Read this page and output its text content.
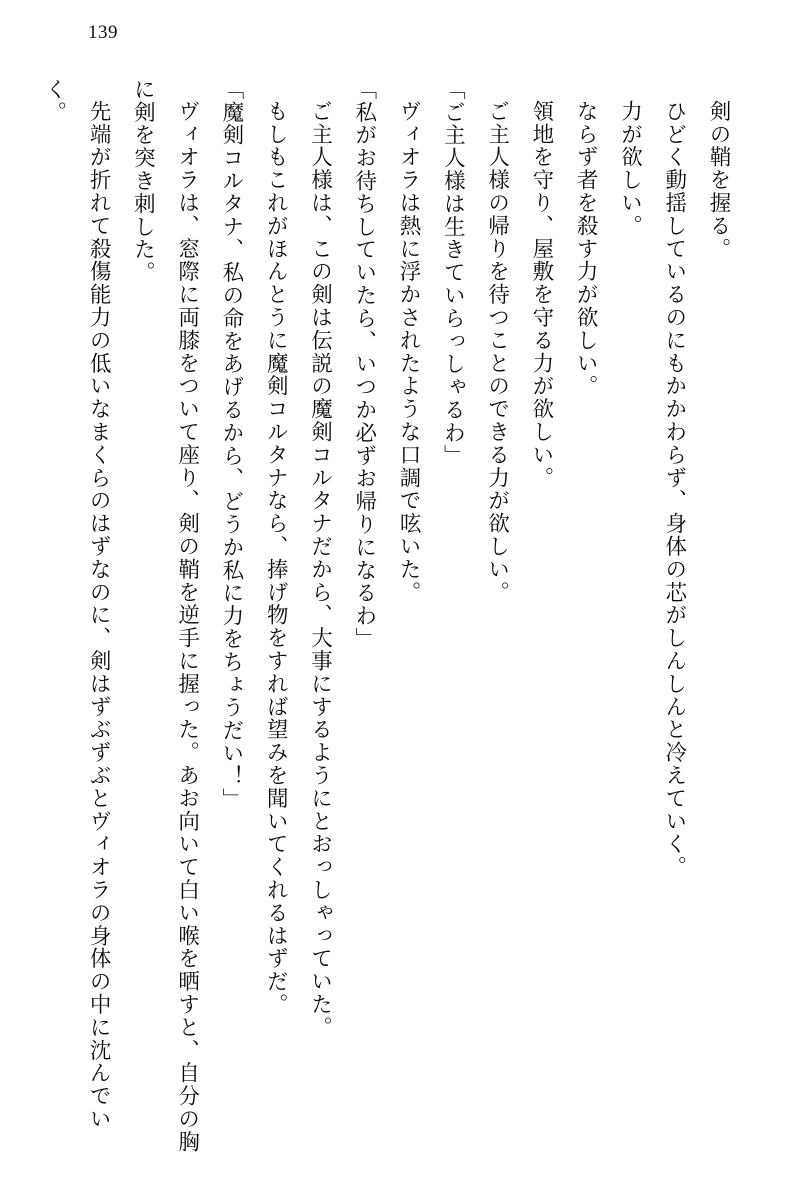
139

剣の鞘を握る。

ひどく動揺しているのにもかかわらず、身体の芯がしんしんと冷えていく。

力が欲しい。

ならず者を殺す力が欲しい。

領地を守り、屋敷を守る力が欲しい。

ご主人様の帰りを待つことのできる力が欲しい。

「ご主人様は生きていらっしゃるわ」

ヴィオラは熱に浮かされたような口調で呟いた。

「私がお待ちしていたら、いつか必ずお帰りになるわ」

ご主人様は、この剣は伝説の魔剣コルタナだから、大事にするようにとおっしゃっていた。

もしもこれがほんとうに魔剣コルタナなら、捧げ物をすれば望みを聞いてくれるはずだ。

「魔剣コルタナ、私の命をあげるから、どうか私に力をちょうだい！」

ヴィオラは、窓際に両膝をついて座り、剣の鞘を逆手に握った。あお向いて白い喉を晒すと、自分の胸に剣を突き刺した。

先端が折れて殺傷能力の低いなまくらのはずなのに、剣はずぶずぶとヴィオラの身体の中に沈んでいく。
